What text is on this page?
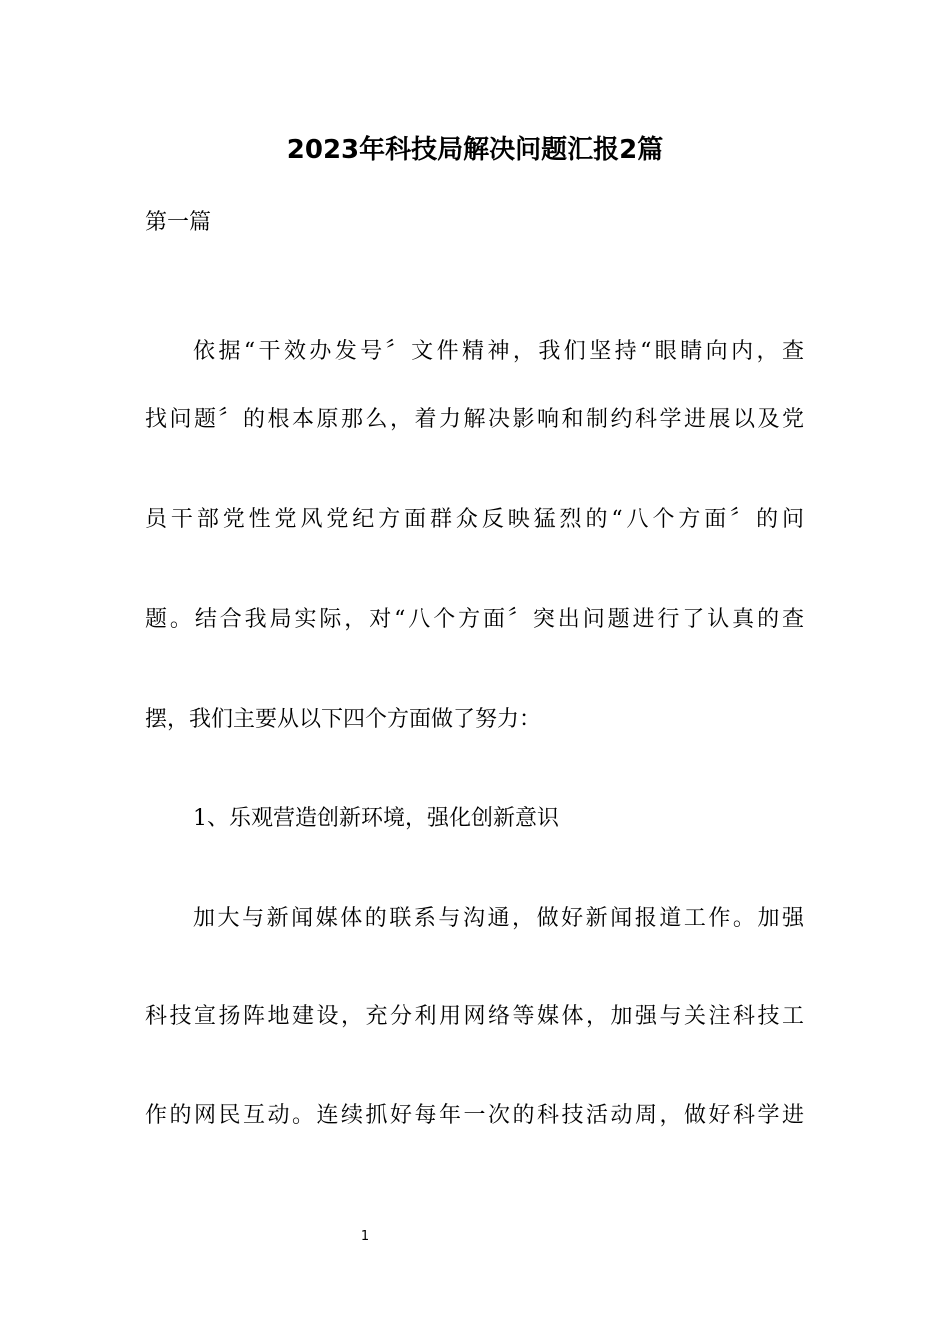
2023年科技局解决问题汇报2篇

第一篇

依据“干效办发号〞文件精神，我们坚持“眼睛向内，查

找问题〞的根本原那么，着力解决影响和制约科学进展以及党

员干部党性党风党纪方面群众反映猛烈的“八个方面〞的问

题。结合我局实际，对“八个方面〞突出问题进行了认真的查

摆，我们主要从以下四个方面做了努力：

1、乐观营造创新环境，强化创新意识

加大与新闻媒体的联系与沟通，做好新闻报道工作。加强

科技宣扬阵地建设，充分利用网络等媒体，加强与关注科技工

作的网民互动。连续抓好每年一次的科技活动周，做好科学进

1
